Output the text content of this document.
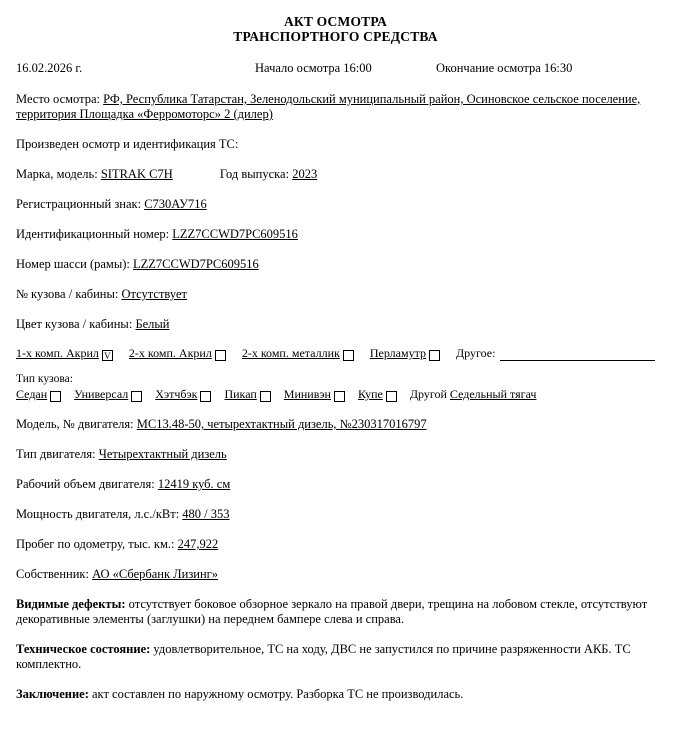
АКТ ОСМОТРА
ТРАНСПОРТНОГО СРЕДСТВА
16.02.2026 г.	Начало осмотра 16:00	Окончание осмотра 16:30
Место осмотра: РФ, Республика Татарстан, Зеленодольский муниципальный район, Осиновское сельское поселение, территория Площадка «Ферромоторс» 2 (дилер)
Произведен осмотр и идентификация ТС:
Марка, модель: SITRAK C7H	Год выпуска: 2023
Регистрационный знак: С730АУ716
Идентификационный номер: LZZ7CCWD7PC609516
Номер шасси (рамы): LZZ7CCWD7PC609516
№ кузова / кабины: Отсутствует
Цвет кузова / кабины: Белый
1-х комп. Акрил V 2-х комп. Акрил	2-х комп. металлик	Перламутр	Другое:
Тип кузова:
Седан Универсал Хэтчбэк Пикап Минивэн Купе Другой Седельный тягач
Модель, № двигателя: МС13.48-50, четырехтактный дизель, №230317016797
Тип двигателя: Четырехтактный дизель
Рабочий объем двигателя: 12419 куб. см
Мощность двигателя, л.с./кВт: 480 / 353
Пробег по одометру, тыс. км.: 247,922
Собственник: АО «Сбербанк Лизинг»
Видимые дефекты: отсутствует боковое обзорное зеркало на правой двери, трещина на лобовом стекле, отсутствуют декоративные элементы (заглушки) на переднем бампере слева и справа.
Техническое состояние: удовлетворительное, ТС на ходу, ДВС не запустился по причине разряженности АКБ. ТС комплектно.
Заключение: акт составлен по наружному осмотру. Разборка ТС не производилась.
